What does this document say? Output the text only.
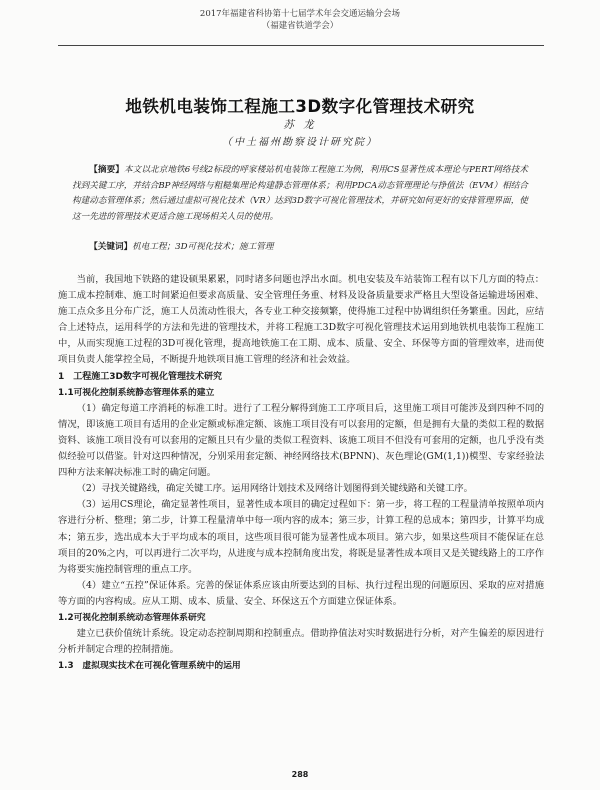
2017年福建省科协第十七届学术年会交通运输分会场
（福建省铁道学会）
地铁机电装饰工程施工3D数字化管理技术研究
苏 龙
（中土福州勘察设计研究院）

【摘要】本文以北京地铁6号线2标段的呼家楼站机电装饰工程施工为例，利用CS显著性成本理论与PERT网络技术找到关键工序，并结合BP神经网络与粗糙集理论构建静态管理体系；利用PDCA动态管理理论与挣值法（EVM）相结合构建动态管理体系；然后通过虚拟可视化技术（VR）达到3D数字可视化管理技术，并研究如何更好的安排管理界面，使这一先进的管理技术更适合施工现场相关人员的使用。

【关键词】机电工程；3D可视化技术；施工管理

当前，我国地下铁路的建设硕果累累，同时诸多问题也浮出水面。机电安装及车站装饰工程有以下几方面的特点：施工成本控制难、施工时间紧迫但要求高质量、安全管理任务重、材料及设备质量要求严格且大型设备运输进场困难、施工点众多且分布广泛，施工人员流动性很大，各专业工种交接频繁，使得施工过程中协调组织任务繁重。因此，应结合上述特点，运用科学的方法和先进的管理技术，并将工程施工3D数字可视化管理技术运用到地铁机电装饰工程施工中，从而实现施工过程的3D可视化管理，提高地铁施工在工期、成本、质量、安全、环保等方面的管理效率，进而使项目负责人能掌控全局，不断提升地铁项目施工管理的经济和社会效益。

1　工程施工3D数字可视化管理技术研究

1.1可视化控制系统静态管理体系的建立

（1）确定每道工序消耗的标准工时。进行了工程分解得到施工工序项目后，这里施工项目可能涉及到四种不同的情况，即该施工项目有适用的企业定额或标准定额、该施工项目没有可以套用的定额，但是拥有大量的类似工程的数据资料、该施工项目没有可以套用的定额且只有少量的类似工程资料、该施工项目不但没有可套用的定额，也几乎没有类似经验可以借鉴。针对这四种情况，分别采用套定额、神经网络技术(BPNN)、灰色理论(GM(1,1))模型、专家经验法四种方法来解决标准工时的确定问题。

（2）寻找关键路线，确定关键工序。运用网络计划技术及网络计划图得到关键线路和关键工序。

（3）运用CS理论，确定显著性项目，显著性成本项目的确定过程如下：第一步，将工程的工程量清单按照单项内容进行分析、整理；第二步，计算工程量清单中每一项内容的成本；第三步，计算工程的总成本；第四步，计算平均成本；第五步，选出成本大于平均成本的项目，这些项目很可能为显著性成本项目。第六步，如果这些项目不能保证在总项目的20%之内，可以再进行二次平均，从进度与成本控制角度出发，将既是显著性成本项目又是关键线路上的工序作为将要实施控制管理的重点工序。

（4）建立“五控”保证体系。完善的保证体系应该由所要达到的目标、执行过程出现的问题原因、采取的应对措施等方面的内容构成。应从工期、成本、质量、安全、环保这五个方面建立保证体系。

1.2可视化控制系统动态管理体系研究

建立已获价值统计系统。设定动态控制周期和控制重点。借助挣值法对实时数据进行分析，对产生偏差的原因进行分析并制定合理的控制措施。

1.3　虚拟现实技术在可视化管理系统中的运用

288
